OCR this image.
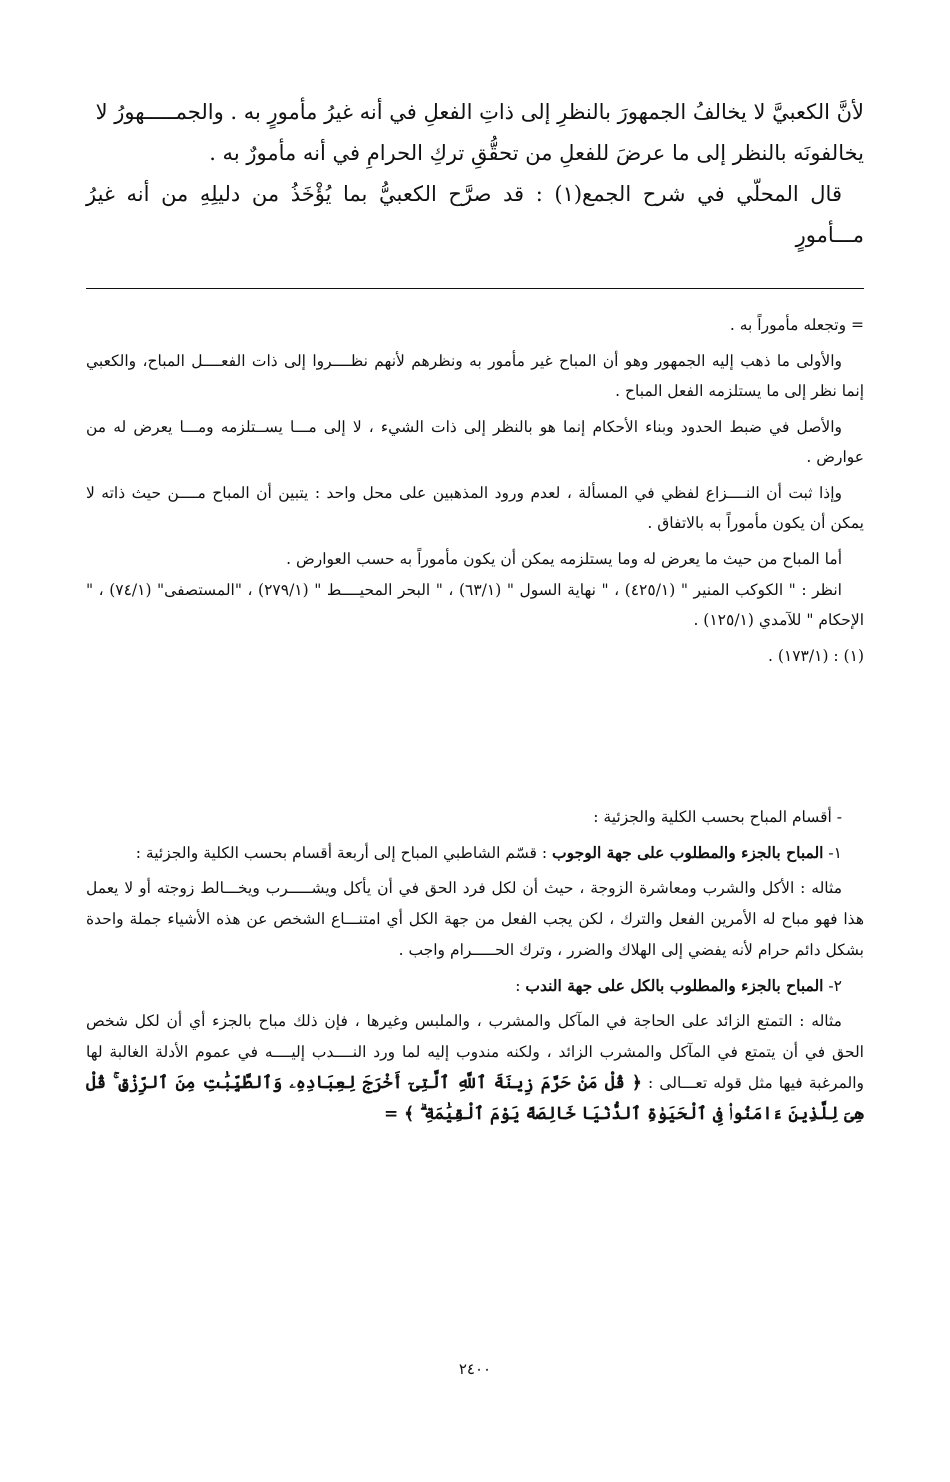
لأنَّ الكعبيَّ لا يخالفُ الجمهورَ بالنظرِ إلى ذاتِ الفعلِ في أنه غيرُ مأمورٍ به . والجمـــــهورُ لا

يخالفونَه بالنظر إلى ما عرضَ للفعلِ من تحقُّقِ تركِ الحرامِ في أنه مأمورٌ به .

قال المحلّي في شرح الجمع(١) : قد صرَّح الكعبيُّ بما يُؤْخَذُ من دليلِهِ من أنه غيرُ مـــأمورٍ

= وتجعله مأموراً به .

والأولى ما ذهب إليه الجمهور وهو أن المباح غير مأمور به ونظرهم لأنهم نظــــروا إلى ذات الفعــــل المباح، والكعبي إنما نظر إلى ما يستلزمه الفعل المباح .

والأصل في ضبط الحدود وبناء الأحكام إنما هو بالنظر إلى ذات الشيء ، لا إلى مـــا يســتلزمه ومـــا يعرض له من عوارض .

وإذا ثبت أن النــــزاع لفظي في المسألة ، لعدم ورود المذهبين على محل واحد : يتبين أن المباح مــــن حيث ذاته لا يمكن أن يكون مأموراً به بالاتفاق .

أما المباح من حيث ما يعرض له وما يستلزمه يمكن أن يكون مأموراً به حسب العوارض .

انظر : " الكوكب المنير " (٤٢٥/١) ، " نهاية السول " (٦٣/١) ، " البحر المحيــــط " (٢٧٩/١) ، "المستصفى" (٧٤/١) ، " الإحكام " للآمدي (١٢٥/١) .

(١) : (١٧٣/١) .

- أقسام المباح بحسب الكلية والجزئية :

١- المباح بالجزء والمطلوب على جهة الوجوب : قسّم الشاطبي المباح إلى أربعة أقسام بحسب الكلية والجزئية :

مثاله : الأكل والشرب ومعاشرة الزوجة ، حيث أن لكل فرد الحق في أن يأكل ويشـــــرب ويخـــالط زوجته أو لا يعمل هذا فهو مباح له الأمرين الفعل والترك ، لكن يجب الفعل من جهة الكل أي امتنـــاع الشخص عن هذه الأشياء جملة واحدة بشكل دائم حرام لأنه يفضي إلى الهلاك والضرر ، وترك الحـــــرام واجب .

٢- المباح بالجزء والمطلوب بالكل على جهة الندب :

مثاله : التمتع الزائد على الحاجة في المآكل والمشرب ، والملبس وغيرها ، فإن ذلك مباح بالجزء أي أن لكل شخص الحق في أن يتمتع في المآكل والمشرب الزائد ، ولكنه مندوب إليه لما ورد النــــدب إليــــه في عموم الأدلة الغالبة لها والمرغبة فيها مثل قوله تعـــالى : ﴿ قُلْ مَنْ حَرَّمَ زِينَةَ ٱللَّهِ ٱلَّتِىٓ أَخْرَجَ لِعِبَادِهِۦ وَٱلطَّيِّبَٰتِ مِنَ ٱلرِّزْقِ ۚ قُلْ هِىَ لِلَّذِينَ ءَامَنُوا۟ فِى ٱلْحَيَوٰةِ ٱلدُّنْيَا خَالِصَةً يَوْمَ ٱلْقِيَٰمَةِ ۗ ﴾ =

٢٤٠٠
